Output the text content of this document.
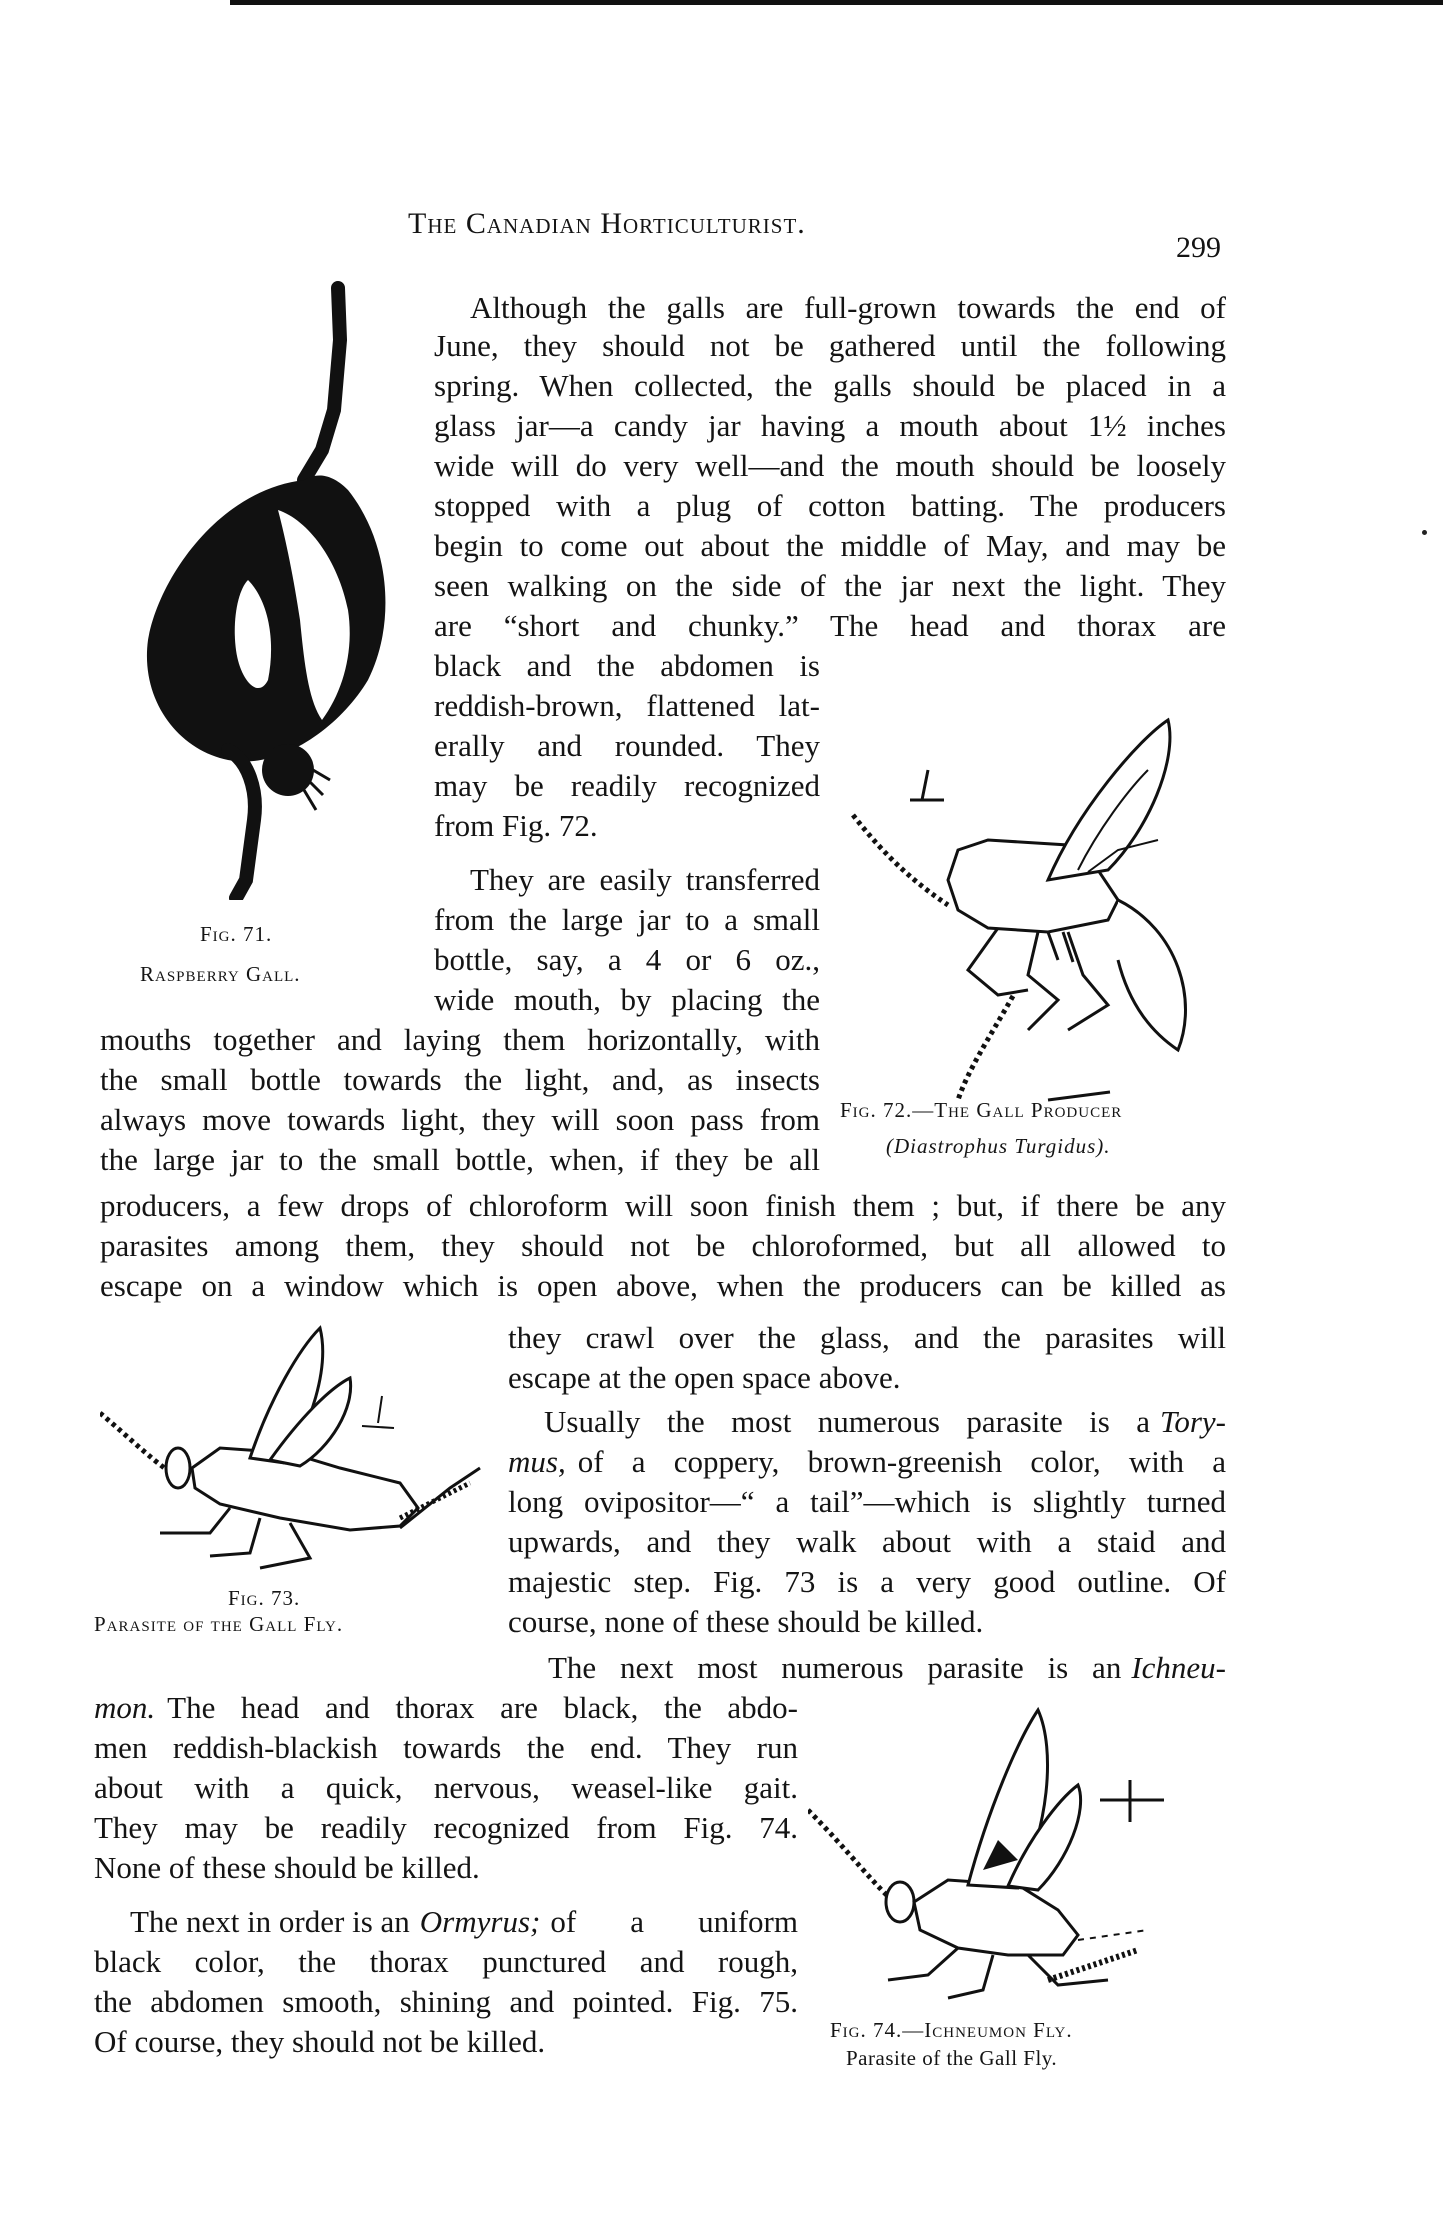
The Canadian Horticulturist.
299
Although the galls are full-grown towards the end of
June, they should not be gathered until the following
spring. When collected, the galls should be placed in a
glass jar—a candy jar having a mouth about 1½ inches
wide will do very well—and the mouth should be loosely
stopped with a plug of cotton batting. The producers
begin to come out about the middle of May, and may be
seen walking on the side of the jar next the light. They
are “short and chunky.” The head and thorax are
black and the abdomen is
reddish-brown, flattened lat-
erally and rounded. They
may be readily recognized
from Fig. 72.
They are easily transferred
from the large jar to a small
bottle, say, a 4 or 6 oz.,
wide mouth, by placing the
mouths together and laying them horizontally, with
the small bottle towards the light, and, as insects
always move towards light, they will soon pass from
the large jar to the small bottle, when, if they be all
producers, a few drops of chloroform will soon finish them ; but, if there be any
parasites among them, they should not be chloroformed, but all allowed to
escape on a window which is open above, when the producers can be killed as
they crawl over the glass, and the parasites will
escape at the open space above.
Usually the most numerous parasite is a Tory-
mus, of a coppery, brown-greenish color, with a
long ovipositor—“ a tail”—which is slightly turned
upwards, and they walk about with a staid and
majestic step. Fig. 73 is a very good outline. Of
course, none of these should be killed.
The next most numerous parasite is an Ichneu-
mon. The head and thorax are black, the abdo-
men reddish-blackish towards the end. They run
about with a quick, nervous, weasel-like gait.
They may be readily recognized from Fig. 74.
None of these should be killed.
The next in order is an Ormyrus; of a uniform
black color, the thorax punctured and rough,
the abdomen smooth, shining and pointed. Fig. 75.
Of course, they should not be killed.
Fig. 71.
Raspberry Gall.
Fig. 72.—The Gall Producer
(Diastrophus Turgidus).
Fig. 73.
Parasite of the Gall Fly.
Fig. 74.—Ichneumon Fly.
Parasite of the Gall Fly.
